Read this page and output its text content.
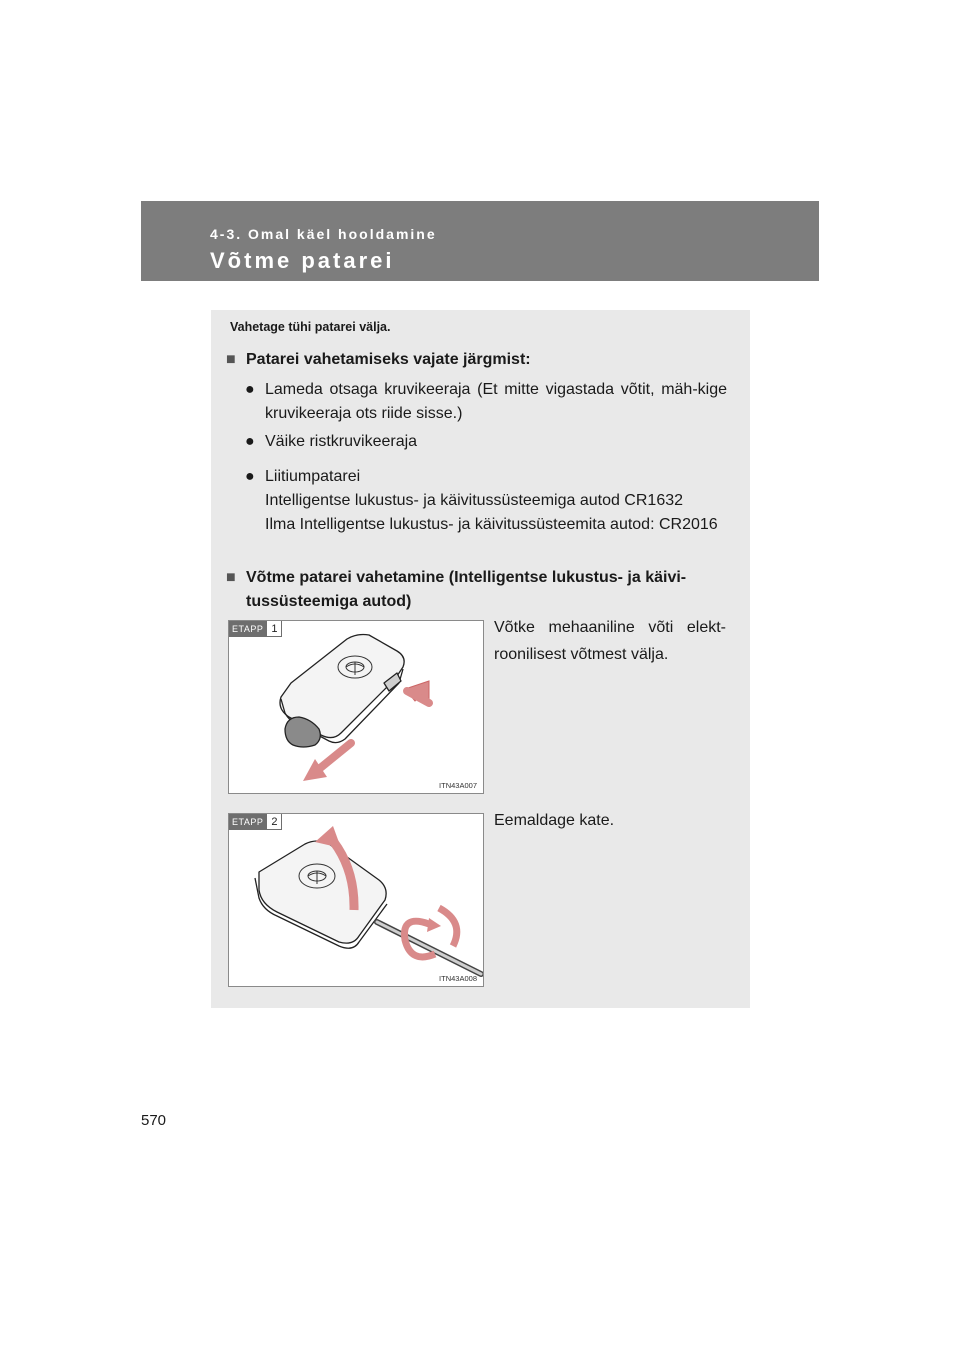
4-3. Omal käel hooldamine
Võtme patarei
Vahetage tühi patarei välja.
■ Patarei vahetamiseks vajate järgmist:
● Lameda otsaga kruvikeeraja (Et mitte vigastada võtit, mäh-kige kruvikeeraja ots riide sisse.)
● Väike ristkruvikeeraja
● Liitiumpatarei
Intelligentse lukustus- ja käivitussüsteemiga autod CR1632
Ilma Intelligentse lukustus- ja käivitussüsteemita autod: CR2016
■ Võtme patarei vahetamine (Intelligentse lukustus- ja käivi-
tussüsteemiga autod)
ETAPP 1
ITN43A007
Võtke mehaaniline võti elekt-roonilisest võtmest välja.
ETAPP 2
ITN43A008
Eemaldage kate.
570
